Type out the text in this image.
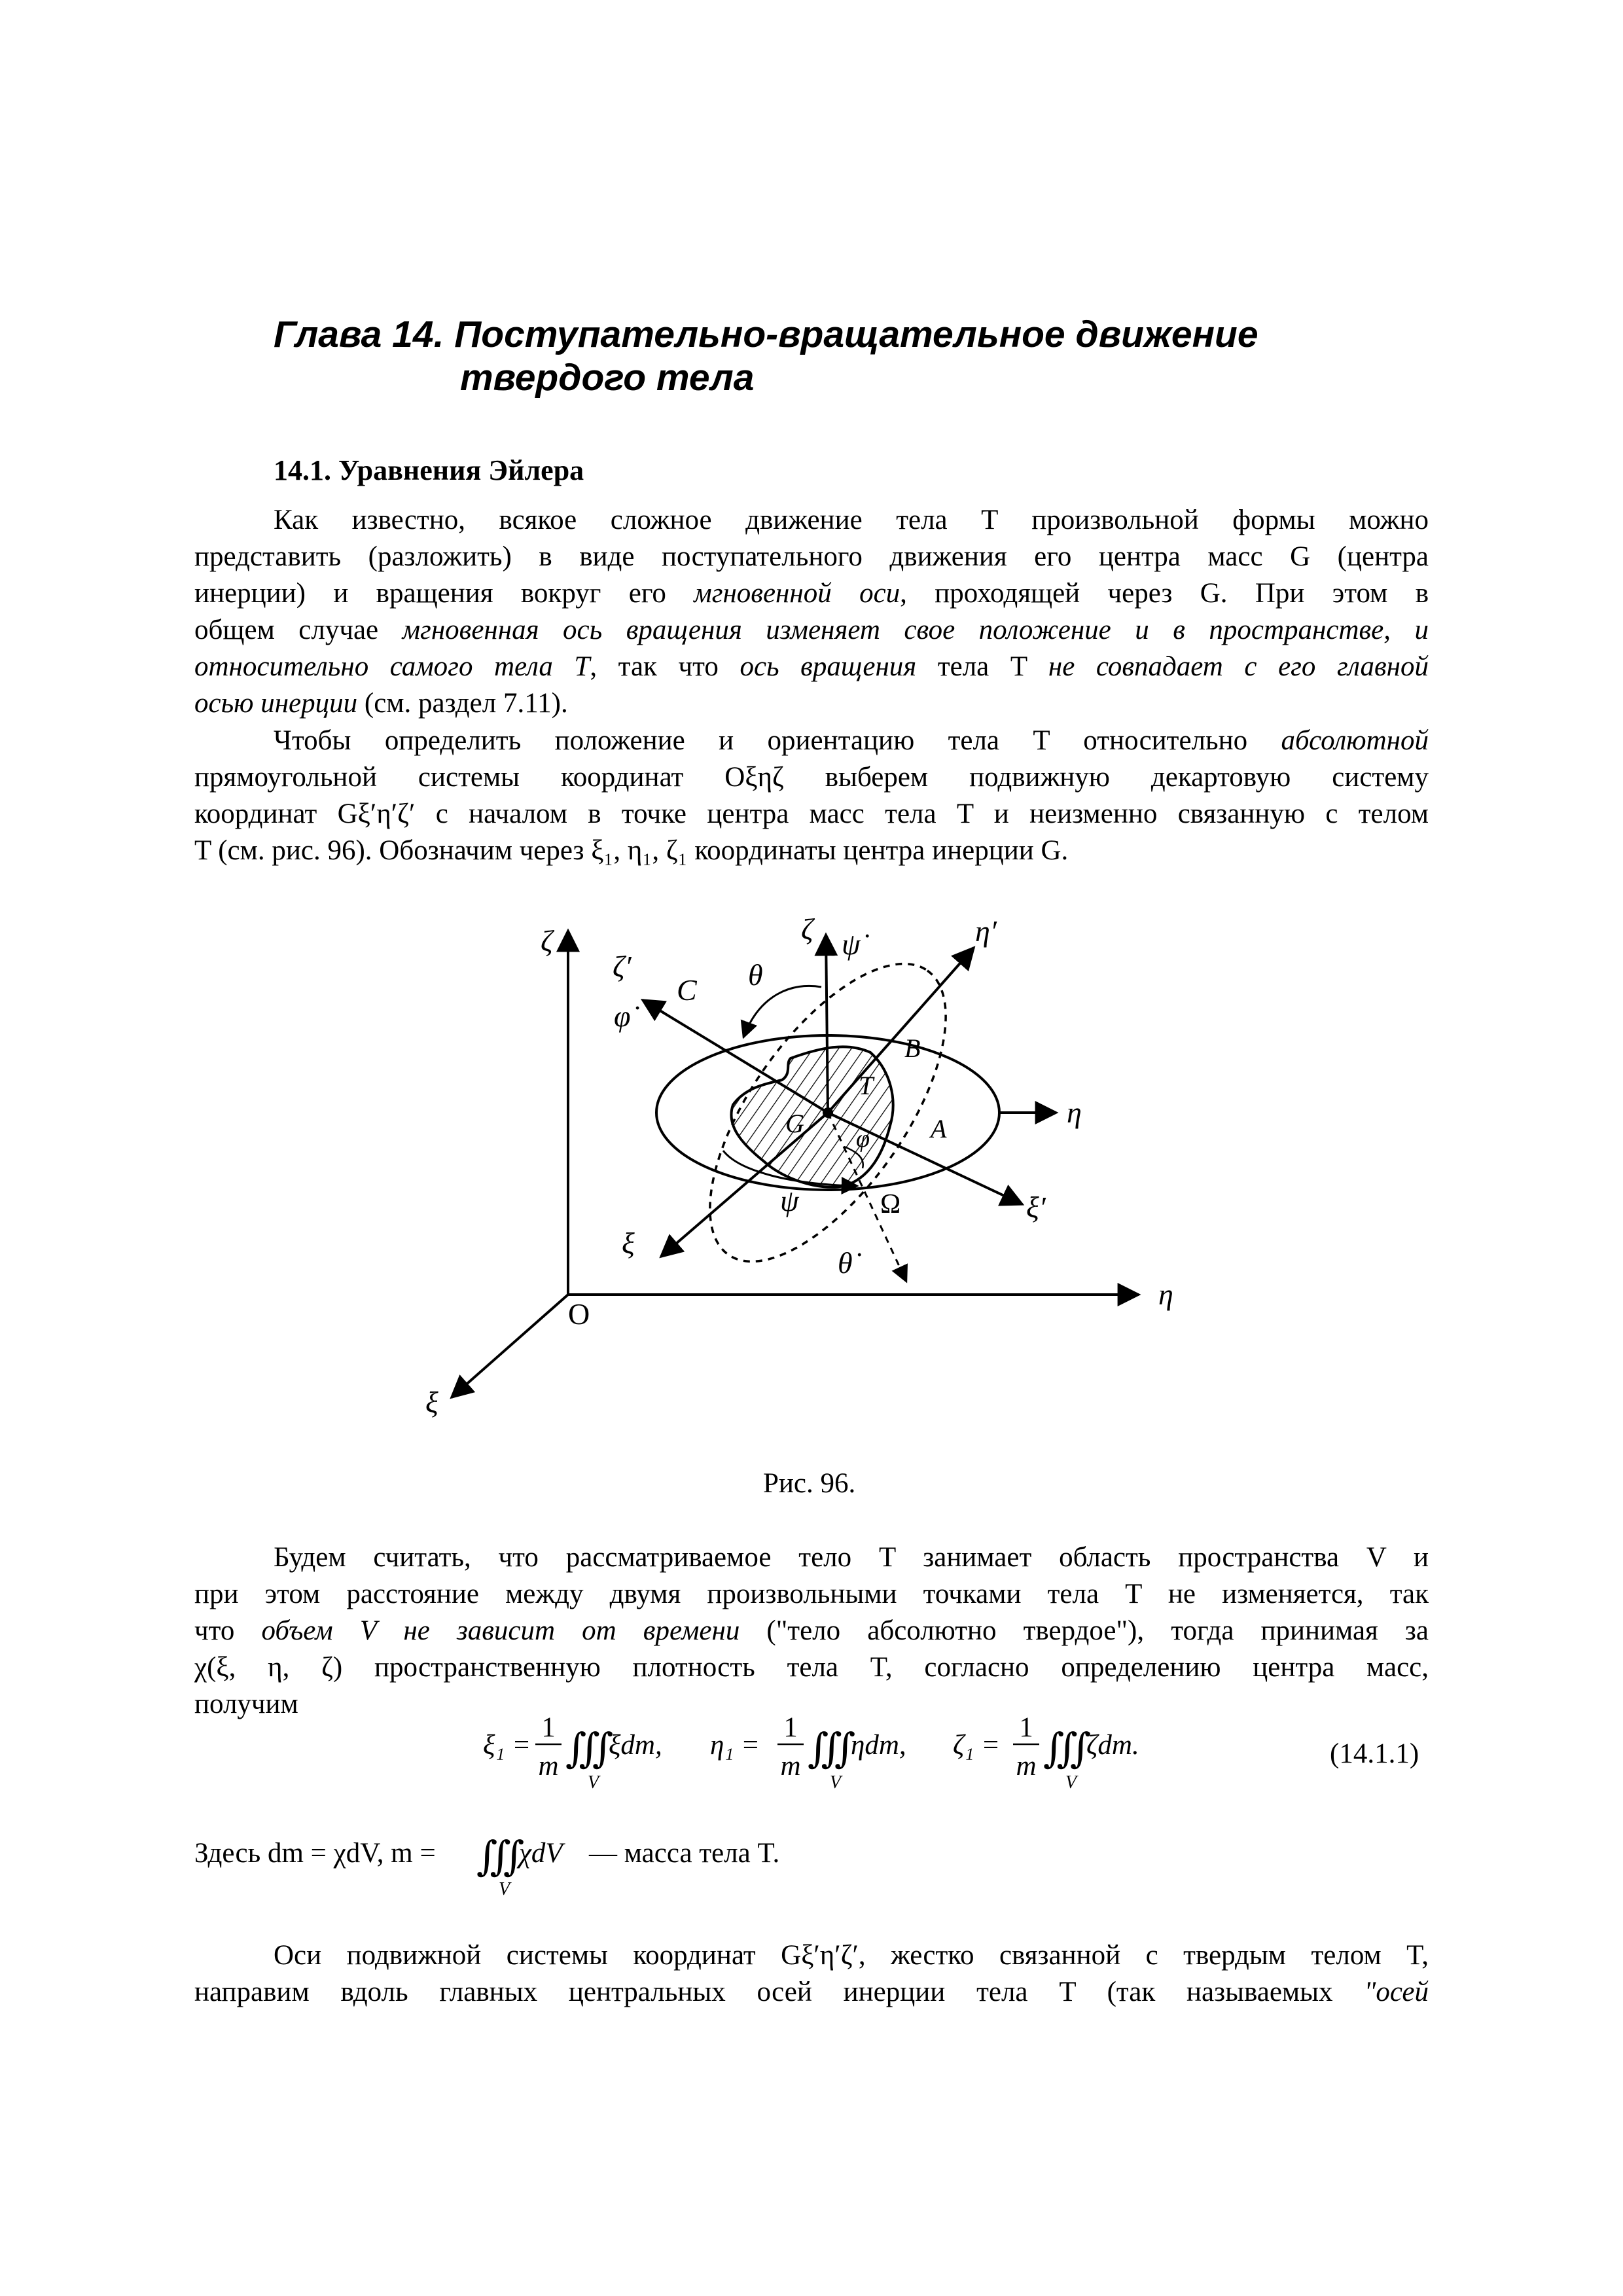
Глава 14. Поступательно-вращательное движение
твердого тела
14.1. Уравнения Эйлера
Как известно, всякое сложное движение тела T произвольной формы можно
представить (разложить) в виде поступательного движения его центра масс G (центра
инерции) и вращения вокруг его мгновенной оси, проходящей через G. При этом в
общем случае мгновенная ось вращения изменяет свое положение и в пространстве, и
относительно самого тела T, так что ось вращения тела T не совпадает с его главной
осью инерции (см. раздел 7.11).
Чтобы определить положение и ориентацию тела T относительно абсолютной
прямоугольной системы координат Oξηζ выберем подвижную декартовую систему
координат Gξ′η′ζ′ с началом в точке центра масс тела T и неизменно связанную с телом
T (см. рис. 96). Обозначим через ξ₁, η₁, ζ₁ координаты центра инерции G.
ζ
η
ξ
O
ζ′
φ̇
η′
ξ′
ζ ψ̇
η
ξ
θ̇
C
B
A
T
G
θ
ψ
φ
Ω
Рис. 96.
Будем считать, что рассматриваемое тело T занимает область пространства V и
при этом расстояние между двумя произвольными точками тела T не изменяется, так
что объем V не зависит от времени ("тело абсолютно твердое"), тогда принимая за
χ(ξ, η, ζ) пространственную плотность тела T, согласно определению центра масс,
получим
ξ₁ =
1
m ∭
V
ξdm, η₁ =
1
m ∭
V
ηdm, ζ₁ =
1
m ∭
V
ζdm.
Здесь dm = χdV, m = ∭
V
χdV — масса тела T.
(14.1.1)
Оси подвижной системы координат Gξ′η′ζ′, жестко связанной с твердым телом T,
направим вдоль главных центральных осей инерции тела T (так называемых "осей
